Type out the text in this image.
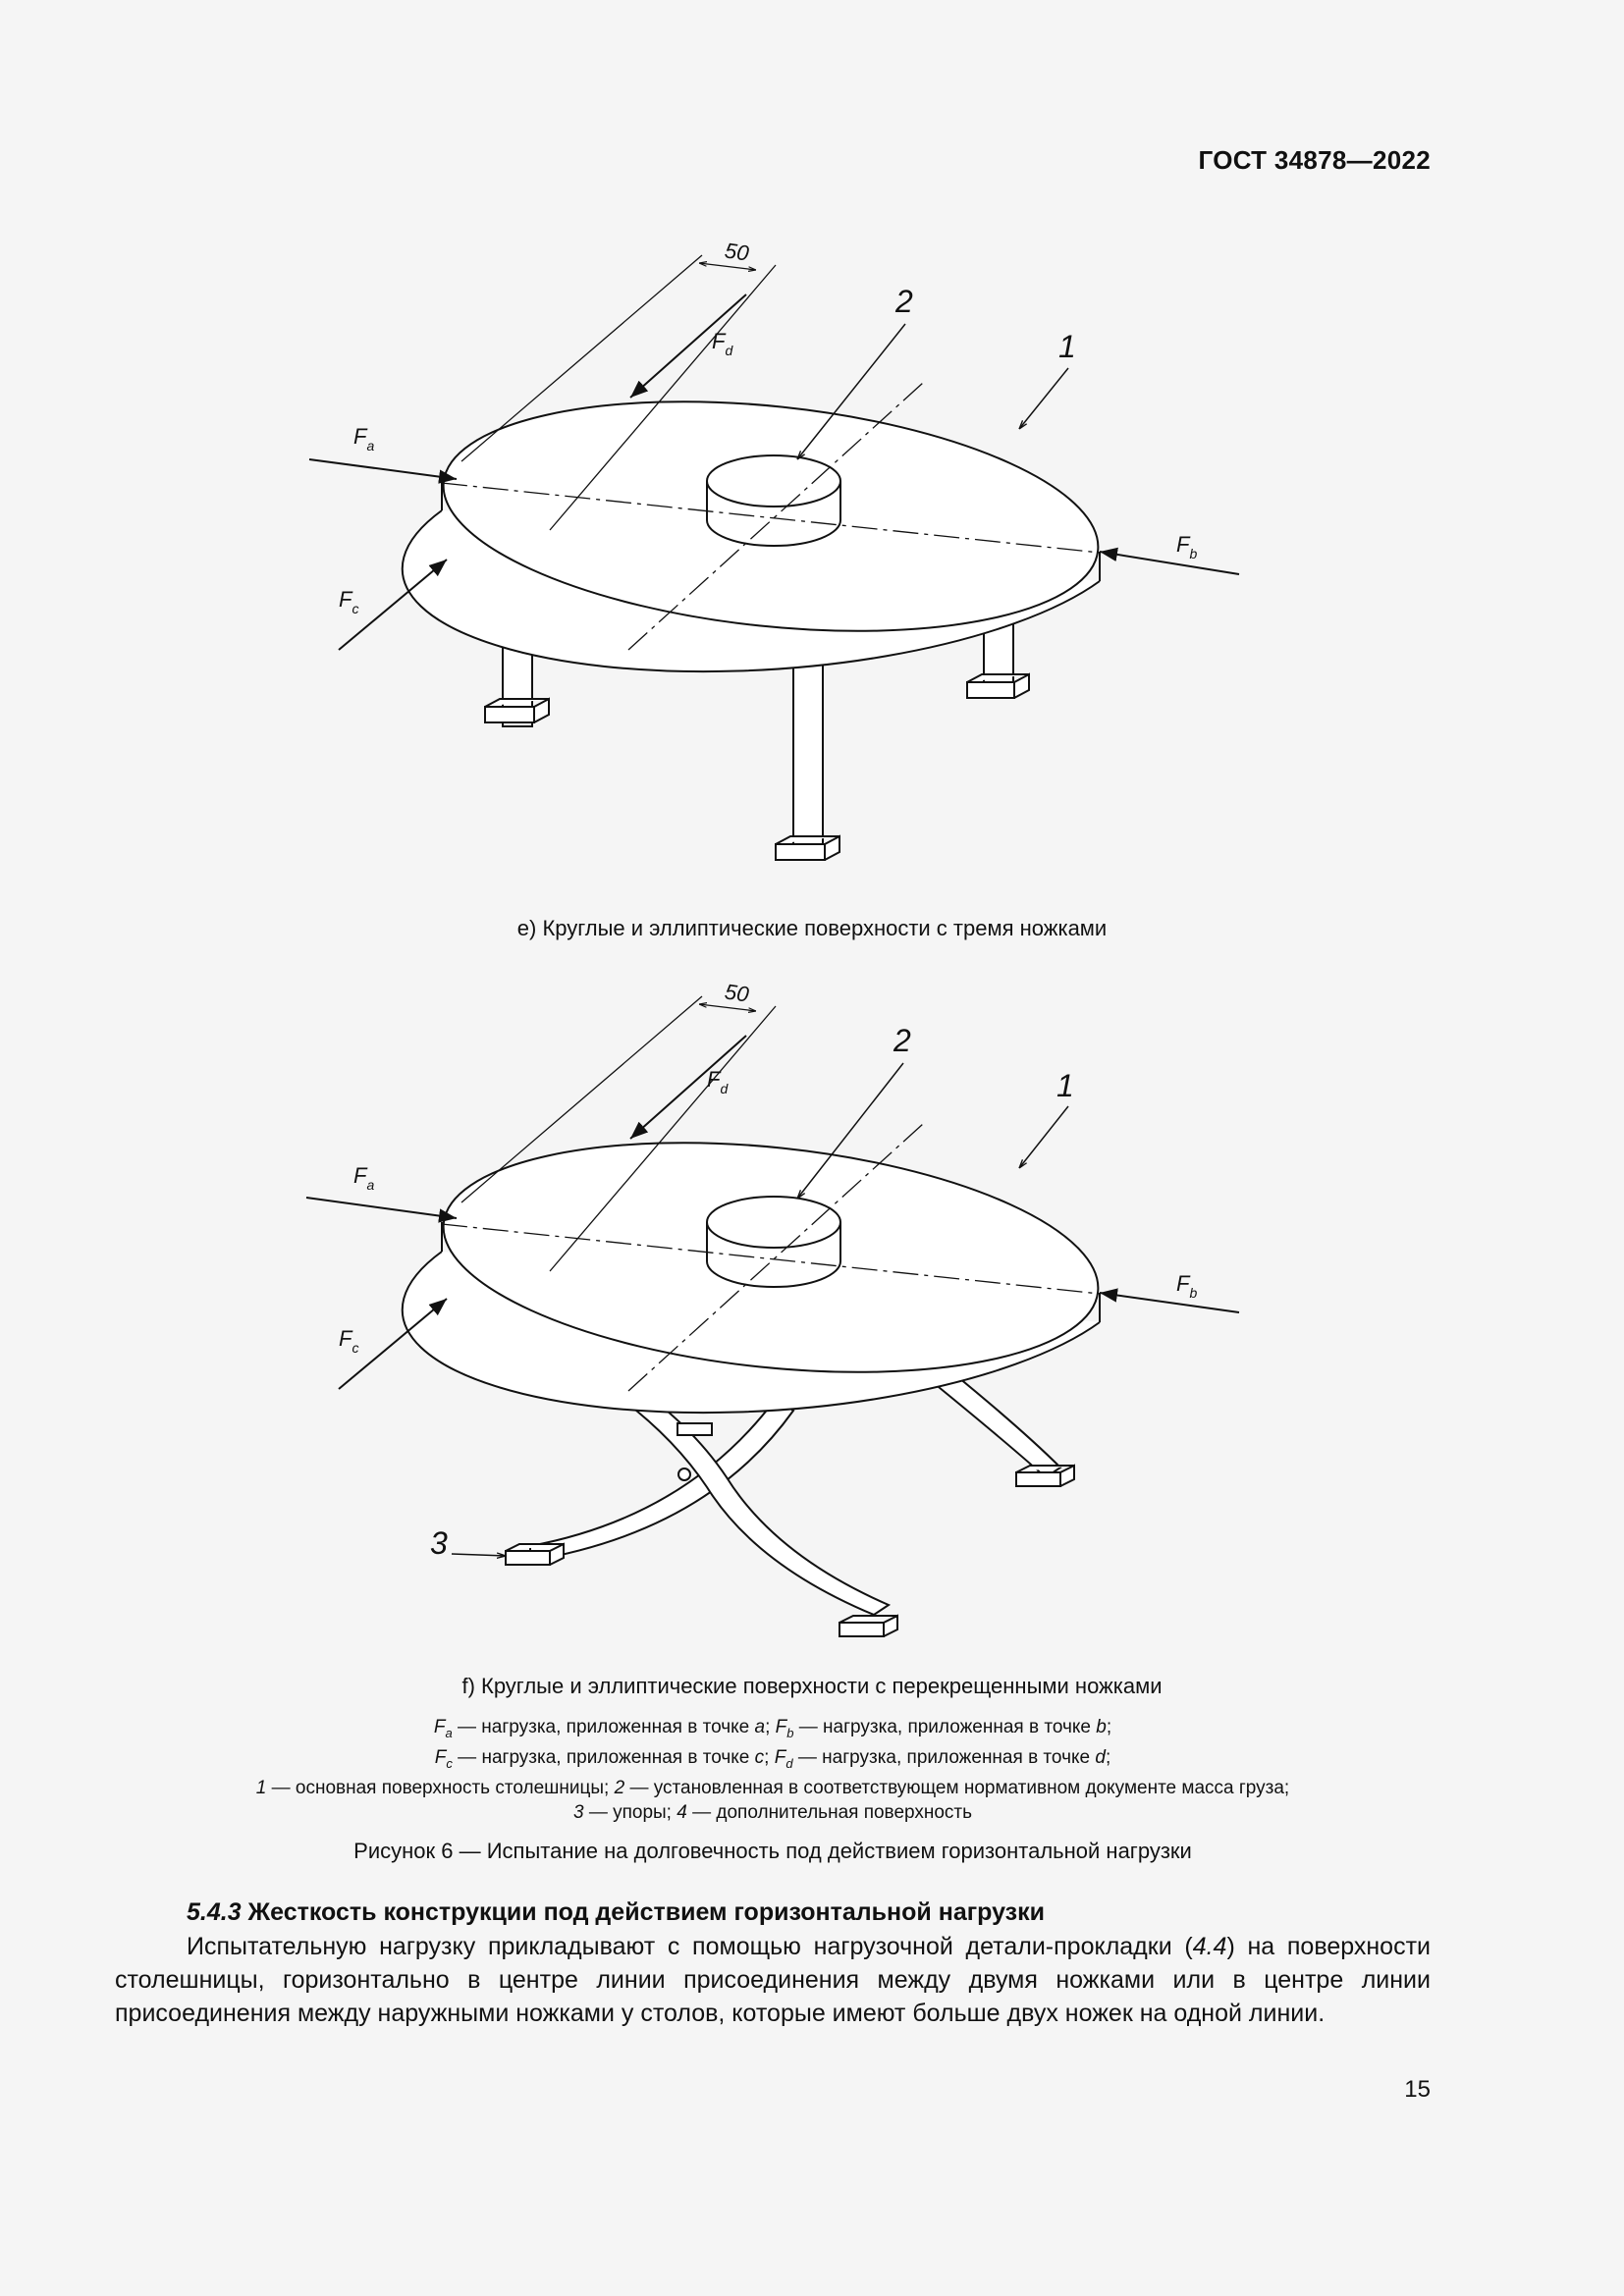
ГОСТ 34878—2022
50
2
1
$F_d$
$F_a$
$F_b$
$F_c$
e) Круглые и эллиптические поверхности с тремя ножками
50
2
1
3
$F_d$
$F_a$
$F_b$
$F_c$
f) Круглые и эллиптические поверхности с перекрещенными ножками
$F_a$ — нагрузка, приложенная в точке a; $F_b$ — нагрузка, приложенная в точке b;
$F_c$ — нагрузка, приложенная в точке c; $F_d$ — нагрузка, приложенная в точке d;
1 — основная поверхность столешницы; 2 — установленная в соответствующем нормативном документе масса груза;
3 — упоры; 4 — дополнительная поверхность
Рисунок 6 — Испытание на долговечность под действием горизонтальной нагрузки
5.4.3 Жесткость конструкции под действием горизонтальной нагрузки
Испытательную нагрузку прикладывают с помощью нагрузочной детали-прокладки (4.4) на поверхности столешницы, горизонтально в центре линии присоединения между двумя ножками или в центре линии присоединения между наружными ножками у столов, которые имеют больше двух ножек на одной линии.
15
